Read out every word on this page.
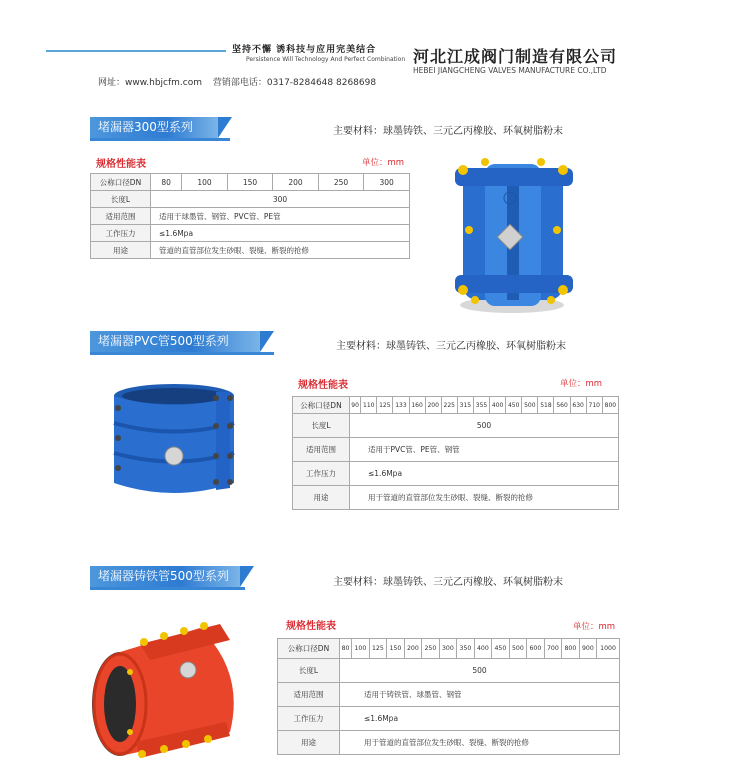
坚持不懈 诱科技与应用完美结合
Persistence Will Technology And Perfect Combination 河北江成阀门制造有限公司
HEBEI JIANGCHENG VALVES MANUFACTURE CO.,LTD
网址：www.hbjcfm.com 营销部电话：0317-8284648 8268698
堵漏器300型系列	主要材料：球墨铸铁、三元乙丙橡胶、环氧树脂粉末
规格性能表	单位：mm
公称口径DN	80	100	150	200	250	300
长度L	300					
适用范围	适用于球墨管、钢管、PVC管、PE管					
工作压力	≤1.6Mpa					
用途	管道的直管部位发生砂眼、裂缝、断裂的抢修					
堵漏器PVC管500型系列	主要材料：球墨铸铁、三元乙丙橡胶、环氧树脂粉末
规格性能表	单位：mm
公称口径DN	90	110	125	133	160	200	225	315	355	400	450	500	518	560	630	710	800
长度L	500																
适用范围	适用于PVC管、PE管、钢管																
工作压力	≤1.6Mpa																
用途	用于管道的直管部位发生砂眼、裂缝、断裂的抢修																
堵漏器铸铁管500型系列	主要材料：球墨铸铁、三元乙丙橡胶、环氧树脂粉末
规格性能表	单位：mm
公称口径DN	80	100	125	150	200	250	300	350	400	450	500	600	700	800	900	1000
长度L	500															
适用范围	适用于铸铁管、球墨管、钢管															
工作压力	≤1.6Mpa															
用途	用于管道的直管部位发生砂眼、裂缝、断裂的抢修															
